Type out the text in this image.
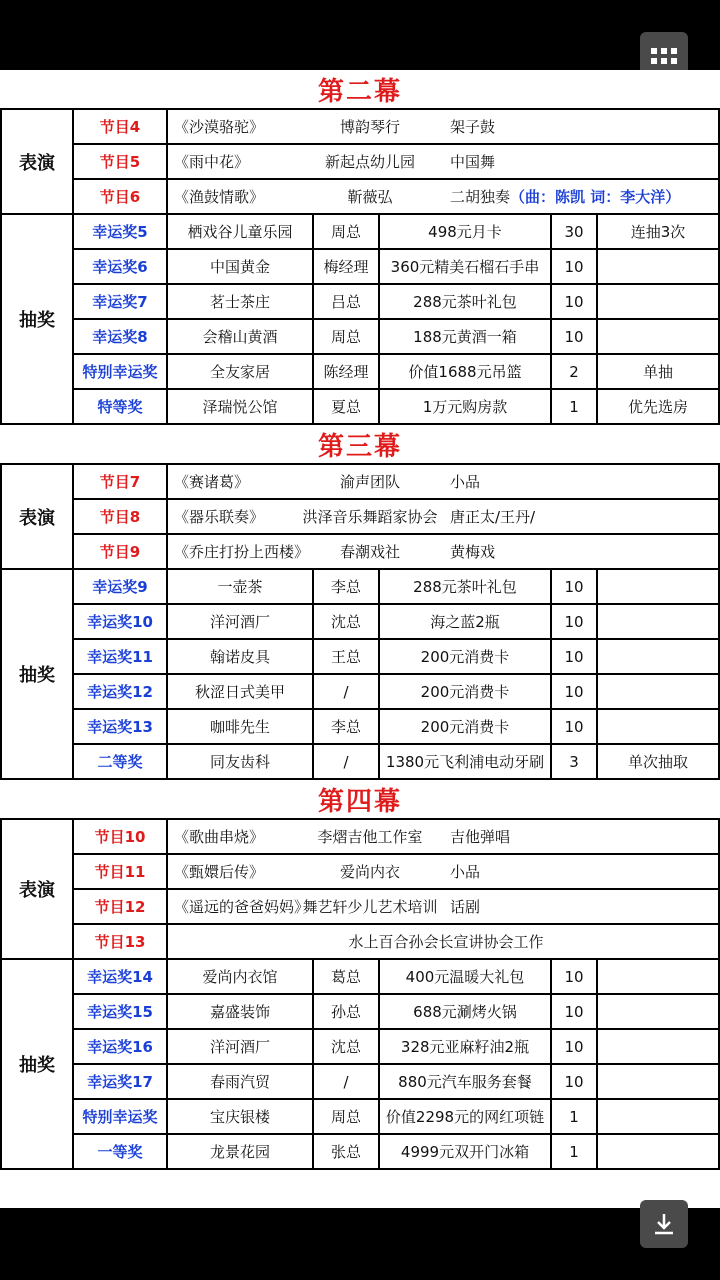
第二幕
表演	节目4	《沙漠骆驼》 博韵琴行 架子鼓				
	节目5	《雨中花》 新起点幼儿园 中国舞				
	节目6	《渔鼓情歌》 靳薇弘 二胡独奏（曲：陈凯 词：李大洋）				
抽奖	幸运奖5	栖戏谷儿童乐园	周总	498元月卡	30	连抽3次
	幸运奖6	中国黄金	梅经理	360元精美石榴石手串	10	
	幸运奖7	茗士茶庄	吕总	288元茶叶礼包	10	
	幸运奖8	会稽山黄酒	周总	188元黄酒一箱	10	
	特别幸运奖	全友家居	陈经理	价值1688元吊篮	2	单抽
	特等奖	泽瑞悦公馆	夏总	1万元购房款	1	优先选房
第三幕
表演	节目7	《赛诸葛》 渝声团队 小品				
	节目8	《器乐联奏》 洪泽音乐舞蹈家协会 唐正太/王丹/				
	节目9	《乔庄打扮上西楼》 春潮戏社 黄梅戏				
抽奖	幸运奖9	一壶茶	李总	288元茶叶礼包	10	
	幸运奖10	洋河酒厂	沈总	海之蓝2瓶	10	
	幸运奖11	翰诺皮具	王总	200元消费卡	10	
	幸运奖12	秋涩日式美甲	/	200元消费卡	10	
	幸运奖13	咖啡先生	李总	200元消费卡	10	
	二等奖	同友齿科	/	1380元飞利浦电动牙刷	3	单次抽取
第四幕
表演	节目10	《歌曲串烧》 李熠吉他工作室 吉他弹唱				
	节目11	《甄嬛后传》 爱尚内衣 小品				
	节目12	《遥远的爸爸妈妈》舞艺轩少儿艺术培训 话剧				
	节目13	水上百合孙会长宣讲协会工作				
抽奖	幸运奖14	爱尚内衣馆	葛总	400元温暖大礼包	10	
	幸运奖15	嘉盛装饰	孙总	688元涮烤火锅	10	
	幸运奖16	洋河酒厂	沈总	328元亚麻籽油2瓶	10	
	幸运奖17	春雨汽贸	/	880元汽车服务套餐	10	
	特别幸运奖	宝庆银楼	周总	价值2298元的网红项链	1	
	一等奖	龙景花园	张总	4999元双开门冰箱	1	
